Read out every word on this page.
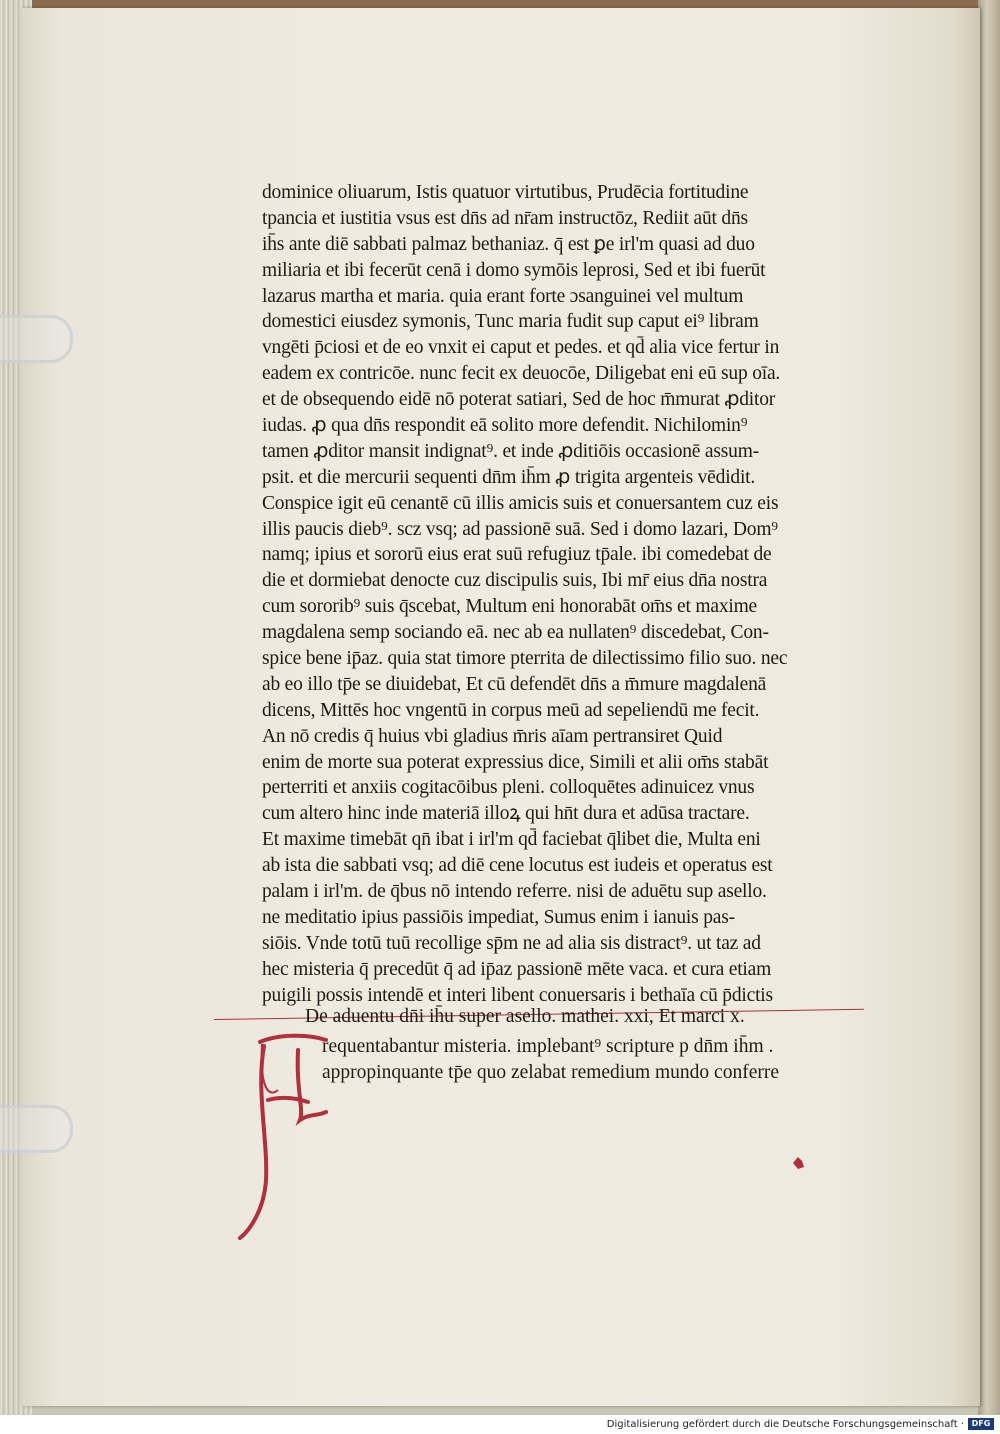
dominice oliuarum, Istis quatuor virtutibus, Prudēcia fortitudine
tpancia et iustitia vsus est dn̄s ad nr̄am instructōz, Rediit aūt dn̄s
ih̄s ante diē sabbati palmaz bethaniaz. q̄ est ꝑe irl'm quasi ad duo
miliaria et ibi fecerūt cenā i domo symōis leprosi, Sed et ibi fuerūt
lazarus martha et maria. quia erant forte ɔsanguinei vel multum
domestici eiusdez symonis, Tunc maria fudit sup caput ei⁹ libram
vngēti p̄ciosi et de eo vnxit ei caput et pedes. et qd̄ alia vice fertur in
eadem ex contricōe. nunc fecit ex deuocōe, Diligebat eni eū sup oīa.
et de obsequendo eidē nō poterat satiari, Sed de hoc m̄murat ꝓditor
iudas. ꝓ qua dn̄s respondit eā solito more defendit. Nichilomin⁹
tamen ꝓditor mansit indignat⁹. et inde ꝓditiōis occasionē assum-
psit. et die mercurii sequenti dn̄m ih̄m ꝓ trigita argenteis vēdidit.
Conspice igit eū cenantē cū illis amicis suis et conuersantem cuz eis
illis paucis dieb⁹. scz vsq; ad passionē suā. Sed i domo lazari, Dom⁹
namq; ipius et sororū eius erat suū refugiuz tp̄ale. ibi comedebat de
die et dormiebat denocte cuz discipulis suis, Ibi mr̄ eius dn̄a nostra
cum sororib⁹ suis q̄scebat, Multum eni honorabāt om̄s et maxime
magdalena semp sociando eā. nec ab ea nullaten⁹ discedebat, Con-
spice bene ip̄az. quia stat timore pterrita de dilectissimo filio suo. nec
ab eo illo tp̄e se diuidebat, Et cū defendēt dn̄s a m̄mure magdalenā
dicens, Mittēs hoc vngentū in corpus meū ad sepeliendū me fecit.
An nō credis q̄ huius vbi gladius m̄ris aīam pertransiret Quid
enim de morte sua poterat expressius dice, Simili et alii om̄s stabāt
perterriti et anxiis cogitacōibus pleni. colloquētes adinuicez vnus
cum altero hinc inde materiā illoꝝ qui hn̄t dura et adūsa tractare.
Et maxime timebāt qn̄ ibat i irl'm qd̄ faciebat q̄libet die, Multa eni
ab ista die sabbati vsq; ad diē cene locutus est iudeis et operatus est
palam i irl'm. de q̄bus nō intendo referre. nisi de aduētu sup asello.
ne meditatio ipius passiōis impediat, Sumus enim i ianuis pas-
siōis. Vnde totū tuū recollige sp̄m ne ad alia sis distract⁹. ut taz ad
hec misteria q̄ precedūt q̄ ad ip̄az passionē mēte vaca. et cura etiam
puigili possis intendē et interi libent conuersaris i bethaīa cū p̄dictis
De aduentu dn̄i ih̄u super asello. mathei. xxi, Et marci x.
requentabantur misteria. implebant⁹ scripture p dn̄m ih̄m .
appropinquante tp̄e quo zelabat remedium mundo conferre
Digitalisierung gefördert durch die Deutsche Forschungsgemeinschaft · DFG
